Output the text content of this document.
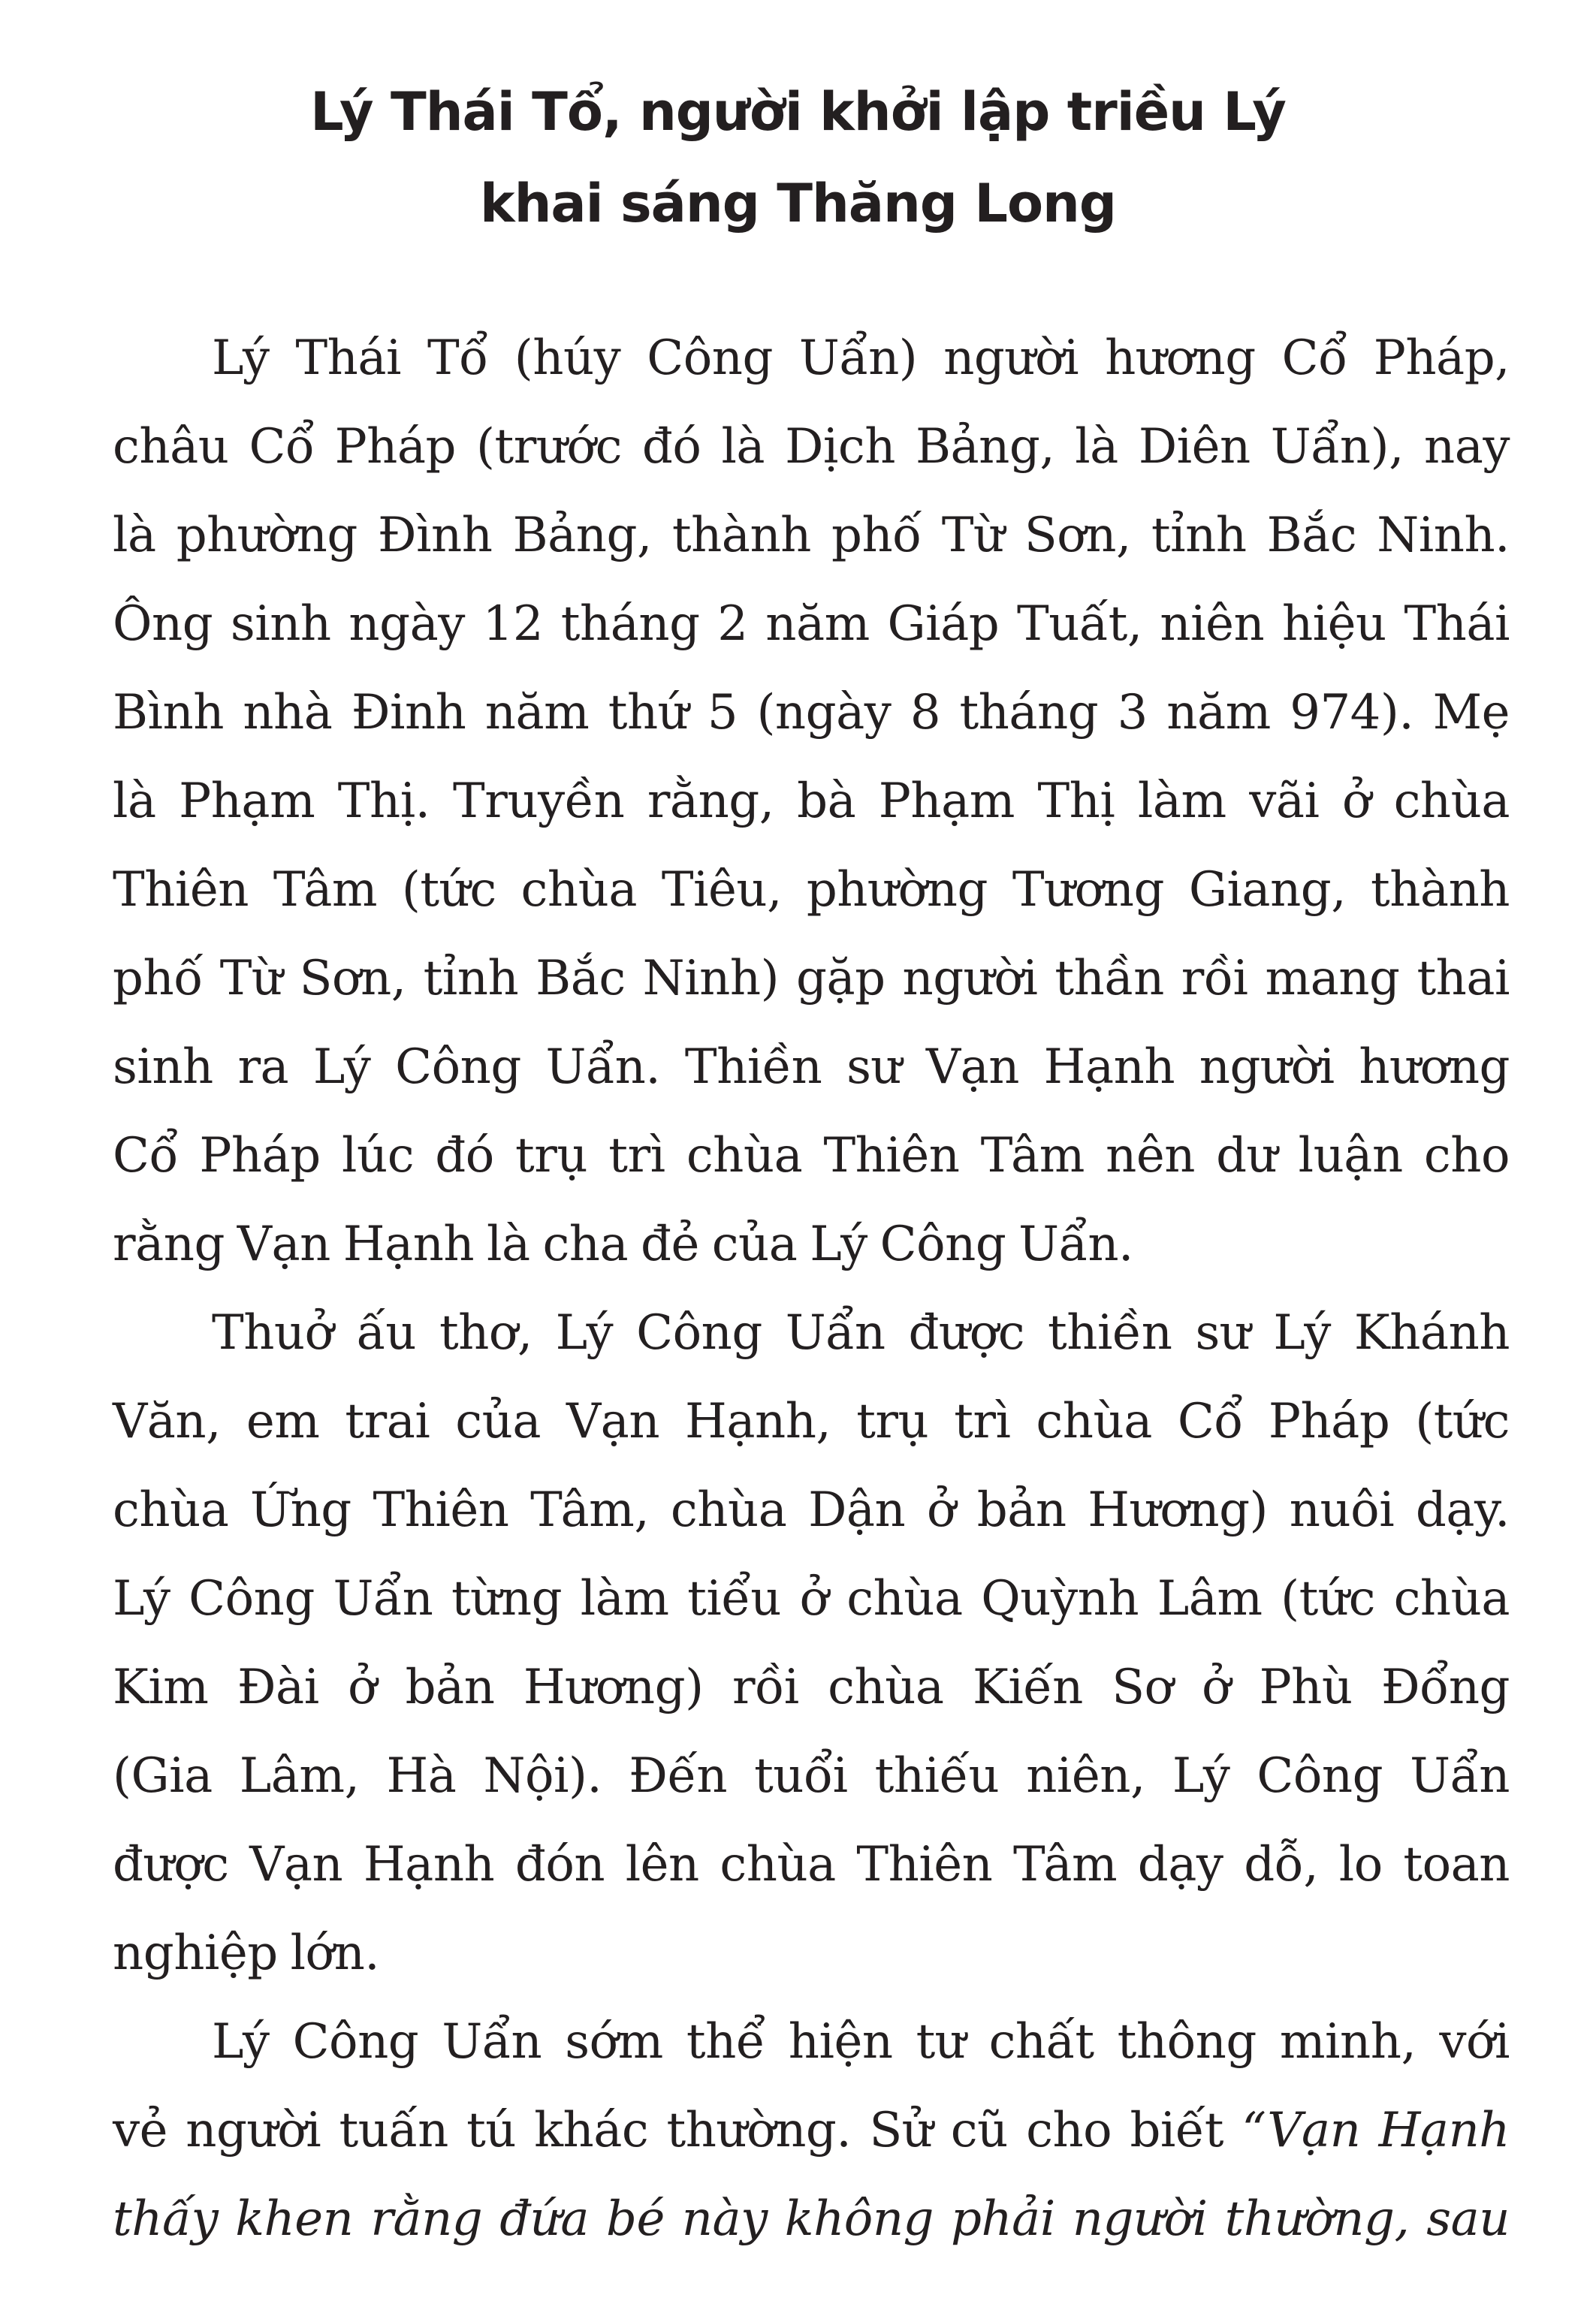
Lý Thái Tổ, người khởi lập triều Lý
khai sáng Thăng Long
Lý Thái Tổ (húy Công Uẩn) người hương Cổ Pháp,
châu Cổ Pháp (trước đó là Dịch Bảng, là Diên Uẩn), nay
là phường Đình Bảng, thành phố Từ Sơn, tỉnh Bắc Ninh.
Ông sinh ngày 12 tháng 2 năm Giáp Tuất, niên hiệu Thái
Bình nhà Đinh năm thứ 5 (ngày 8 tháng 3 năm 974). Mẹ
là Phạm Thị. Truyền rằng, bà Phạm Thị làm vãi ở chùa
Thiên Tâm (tức chùa Tiêu, phường Tương Giang, thành
phố Từ Sơn, tỉnh Bắc Ninh) gặp người thần rồi mang thai
sinh ra Lý Công Uẩn. Thiền sư Vạn Hạnh người hương
Cổ Pháp lúc đó trụ trì chùa Thiên Tâm nên dư luận cho
rằng Vạn Hạnh là cha đẻ của Lý Công Uẩn.
Thuở ấu thơ, Lý Công Uẩn được thiền sư Lý Khánh
Văn, em trai của Vạn Hạnh, trụ trì chùa Cổ Pháp (tức
chùa Ứng Thiên Tâm, chùa Dận ở bản Hương) nuôi dạy.
Lý Công Uẩn từng làm tiểu ở chùa Quỳnh Lâm (tức chùa
Kim Đài ở bản Hương) rồi chùa Kiến Sơ ở Phù Đổng
(Gia Lâm, Hà Nội). Đến tuổi thiếu niên, Lý Công Uẩn
được Vạn Hạnh đón lên chùa Thiên Tâm dạy dỗ, lo toan
nghiệp lớn.
Lý Công Uẩn sớm thể hiện tư chất thông minh, với
vẻ người tuấn tú khác thường. Sử cũ cho biết “Vạn Hạnh
thấy khen rằng đứa bé này không phải người thường, sau
